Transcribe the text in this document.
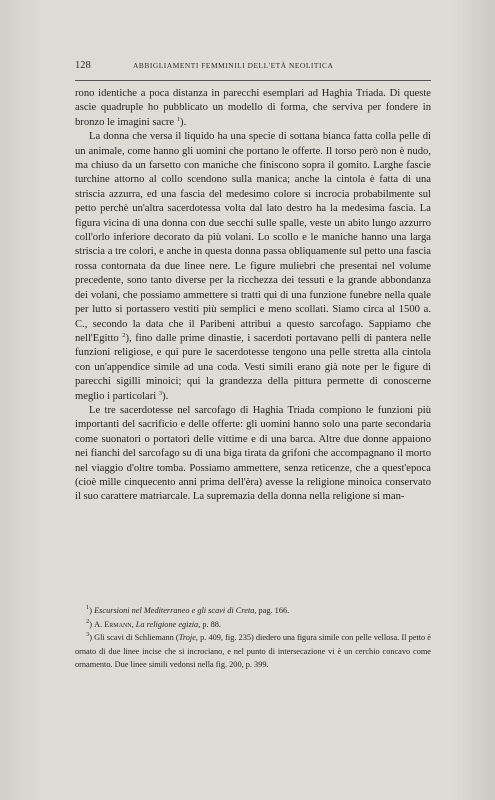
128	ABBIGLIAMENTI FEMMINILI DELL'ETÀ NEOLITICA

rono identiche a poca distanza in parecchi esemplari ad Haghia Triada. Di queste ascie quadruple ho pubblicato un modello di forma, che serviva per fondere in bronzo le imagini sacre $^1$).

La donna che versa il liquido ha una specie di sottana bianca fatta colla pelle di un animale, come hanno gli uomini che portano le offerte. Il torso però non è nudo, ma chiuso da un farsetto con maniche che finiscono sopra il gomito. Larghe fascie turchine attorno al collo scendono sulla manica; anche la cintola è fatta di una striscia azzurra, ed una fascia del medesimo colore si incrocia probabilmente sul petto perchè un'altra sacerdotessa volta dal lato destro ha la medesima fascia. La figura vicina di una donna con due secchi sulle spalle, veste un abito lungo azzurro coll'orlo inferiore decorato da più volani. Lo scollo e le maniche hanno una larga striscia a tre colori, e anche in questa donna passa obliquamente sul petto una fascia rossa contornata da due linee nere. Le figure muliebri che presentai nel volume precedente, sono tanto diverse per la ricchezza dei tessuti e la grande abbondanza dei volani, che possiamo ammettere si tratti qui di una funzione funebre nella quale per lutto si portassero vestiti più semplici e meno scollati. Siamo circa al 1500 a. C., secondo la data che il Paribeni attribuì a questo sarcofago. Sappiamo che nell'Egitto $^2$), fino dalle prime dinastie, i sacerdoti portavano pelli di pantera nelle funzioni religiose, e qui pure le sacerdotesse tengono una pelle stretta alla cintola con un'appendice simile ad una coda. Vesti simili erano già note per le figure di parecchi sigilli minoici; qui la grandezza della pittura permette di conoscerne meglio i particolari $^3$).

Le tre sacerdotesse nel sarcofago di Haghia Triada compiono le funzioni più importanti del sacrificio e delle offerte: gli uomini hanno solo una parte secondaria come suonatori o portatori delle vittime e di una barca. Altre due donne appaiono nei fianchi del sarcofago su di una biga tirata da grifoni che accompagnano il morto nel viaggio d'oltre tomba. Possiamo ammettere, senza reticenze, che a quest'epoca (cioè mille cinquecento anni prima dell'èra) avesse la religione minoica conservato il suo carattere matriarcale. La supremazia della donna nella religione si man-

$^1$) Escursioni nel Mediterraneo e gli scavi di Creta, pag. 166.

$^2$) A. Ermann, La religione egizia, p. 88.

$^3$) Gli scavi di Schliemann (Troje, p. 409, fig. 235) diedero una figura simile con pelle vellosa. Il petto è ornato di due linee incise che si incrociano, e nel punto di intersecazione vi è un cerchio concavo come ornamento. Due linee simili vedonsi nella fig. 200, p. 399.
